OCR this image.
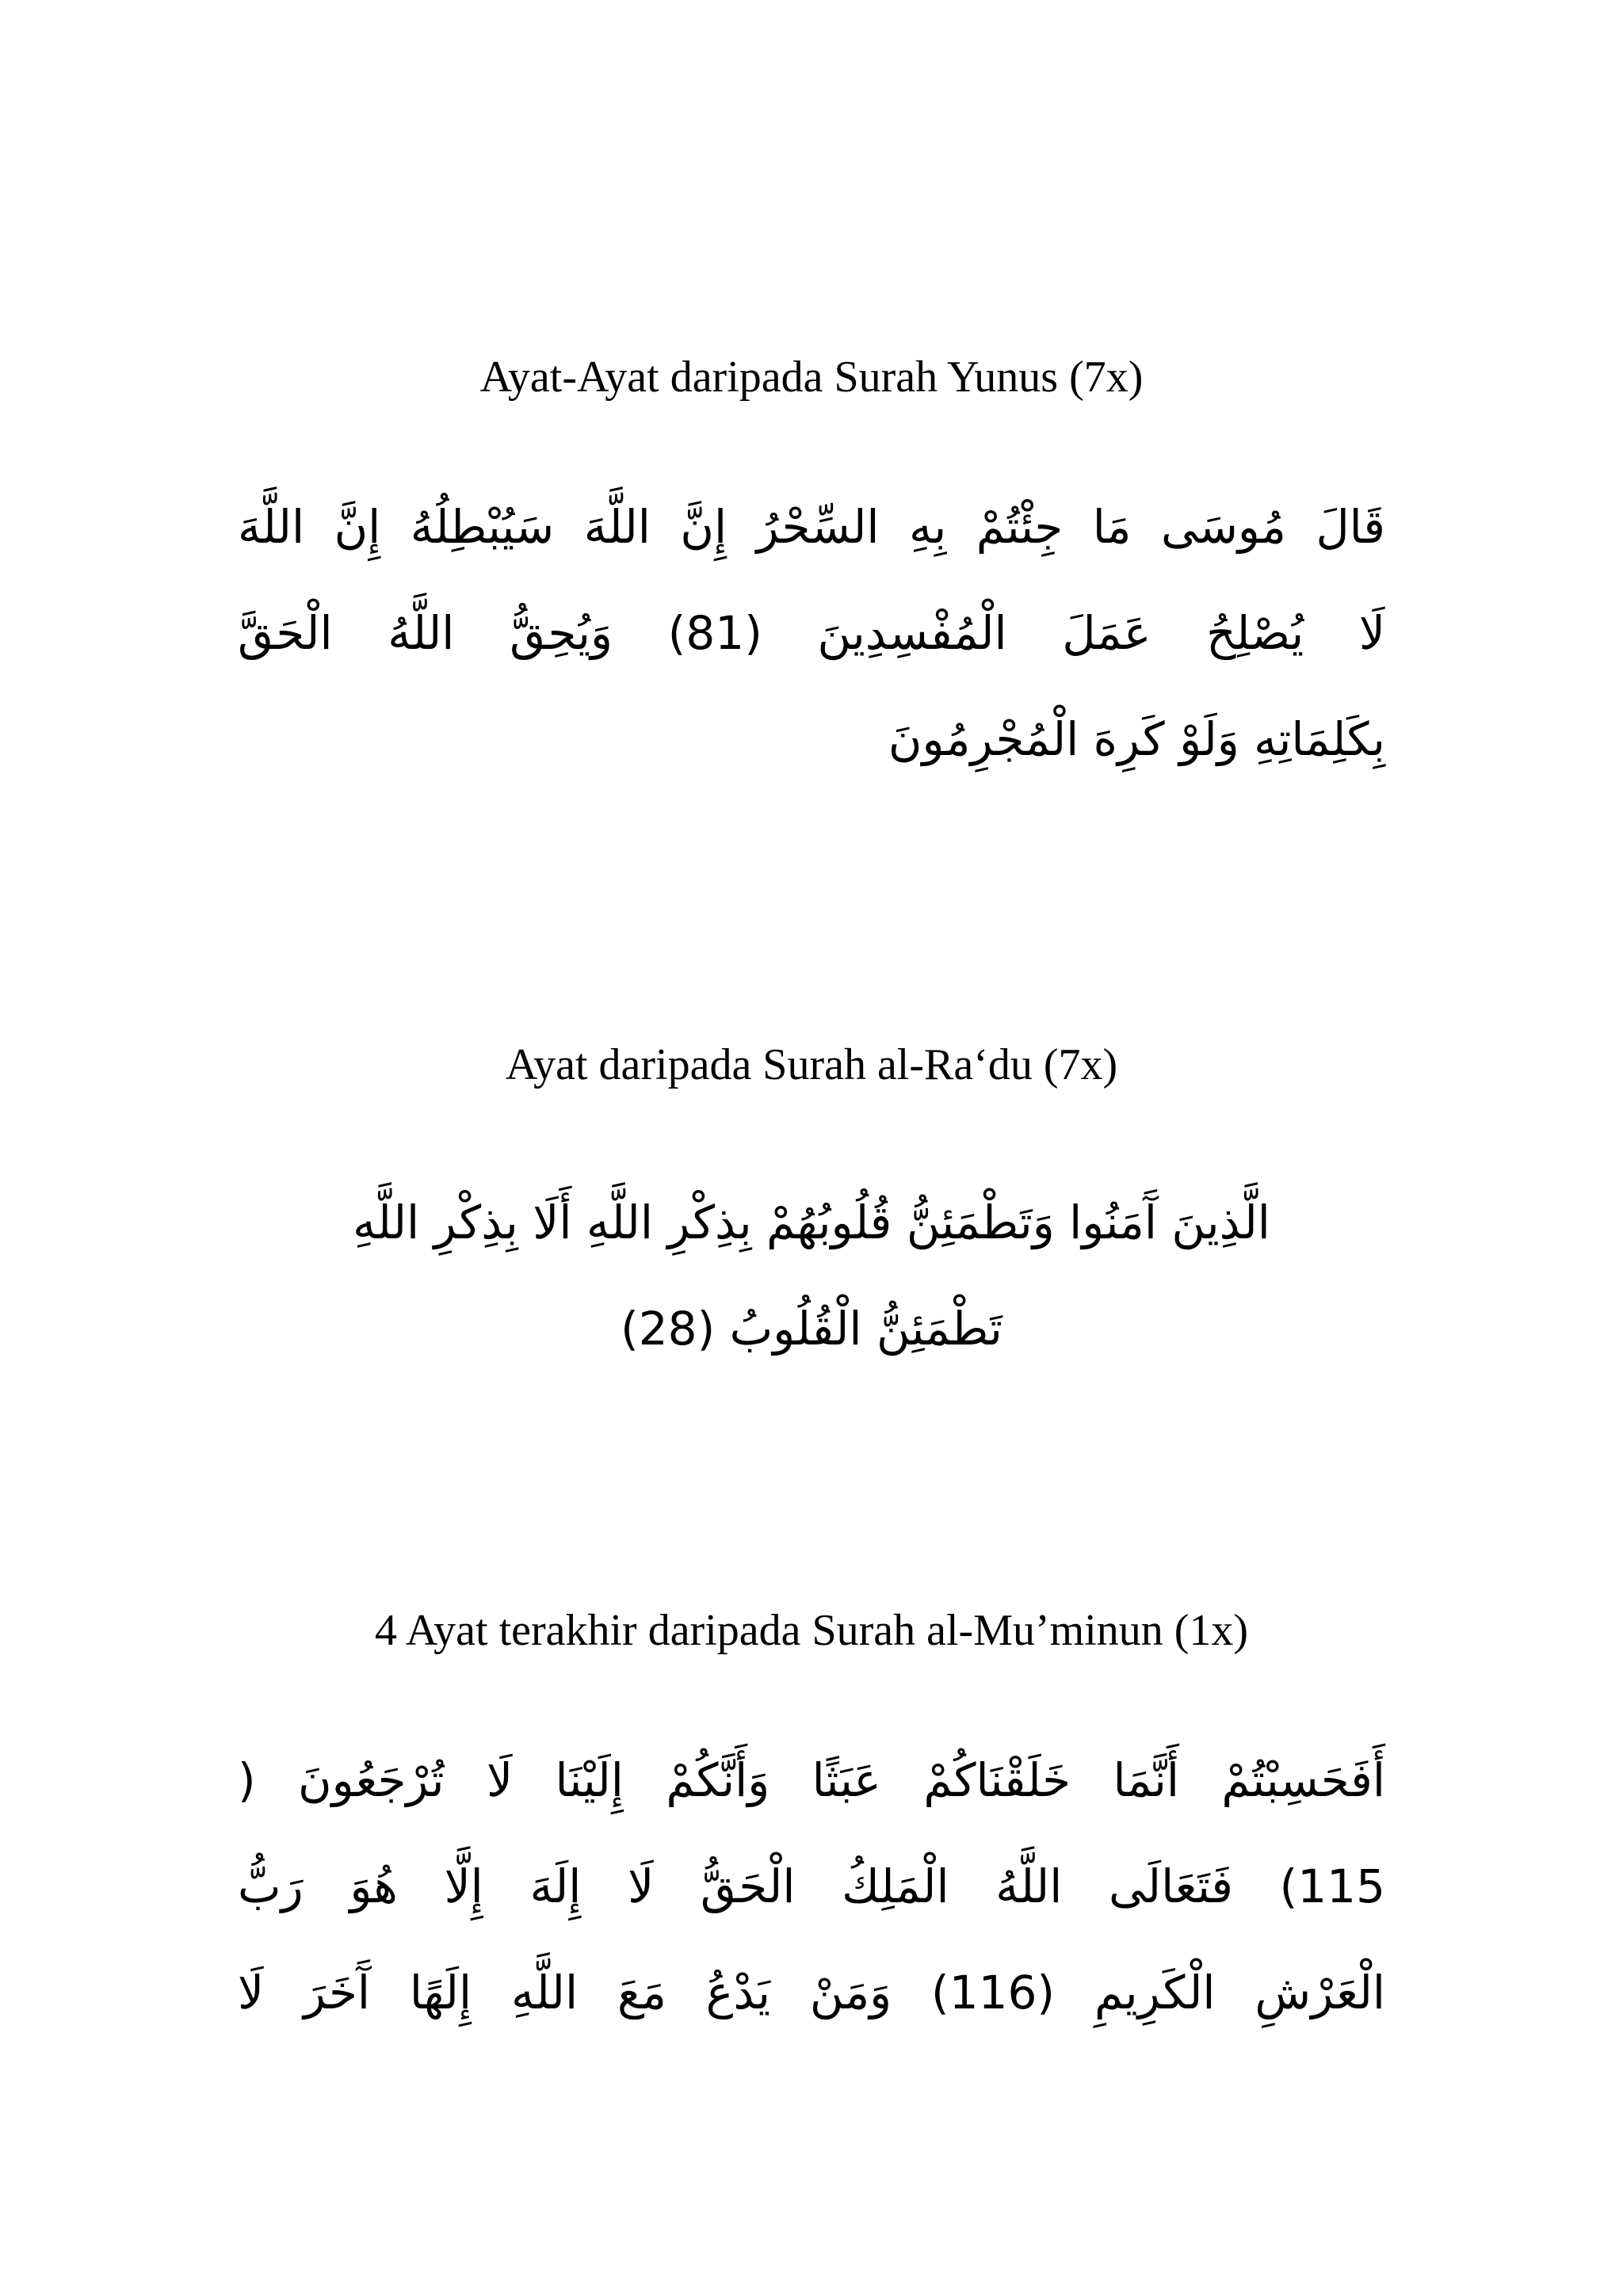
Ayat-Ayat daripada Surah Yunus (7x)
قَالَ مُوسَى مَا جِئْتُمْ بِهِ السِّحْرُ إِنَّ اللَّهَ سَيُبْطِلُهُ إِنَّ اللَّهَ
لَا يُصْلِحُ عَمَلَ الْمُفْسِدِينَ (81) وَيُحِقُّ اللَّهُ الْحَقَّ
بِكَلِمَاتِهِ وَلَوْ كَرِهَ الْمُجْرِمُونَ
Ayat daripada Surah al-Ra‘du (7x)
الَّذِينَ آَمَنُوا وَتَطْمَئِنُّ قُلُوبُهُمْ بِذِكْرِ اللَّهِ أَلَا بِذِكْرِ اللَّهِ
تَطْمَئِنُّ الْقُلُوبُ (28)
4 Ayat terakhir daripada Surah al-Mu’minun (1x)
أَفَحَسِبْتُمْ أَنَّمَا خَلَقْنَاكُمْ عَبَثًا وَأَنَّكُمْ إِلَيْنَا لَا تُرْجَعُونَ (
115) فَتَعَالَى اللَّهُ الْمَلِكُ الْحَقُّ لَا إِلَهَ إِلَّا هُوَ رَبُّ
الْعَرْشِ الْكَرِيمِ (116) وَمَنْ يَدْعُ مَعَ اللَّهِ إِلَهًا آَخَرَ لَا
